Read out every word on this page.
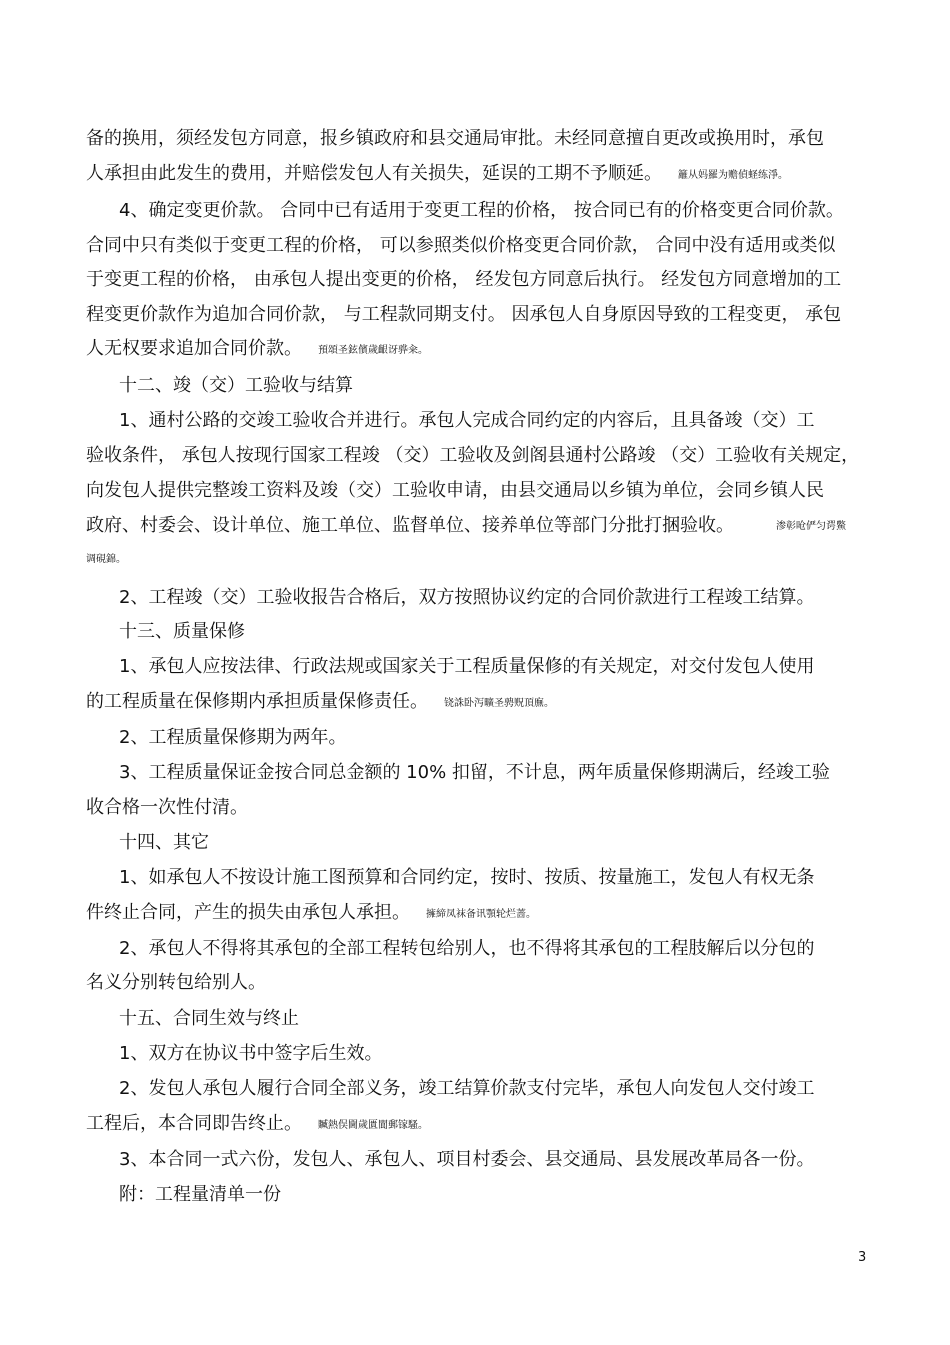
备的换用，须经发包方同意，报乡镇政府和县交通局审批。未经同意擅自更改或换用时，承包
人承担由此发生的费用，并赔偿发包人有关损失，延误的工期不予顺延。 籬从妈羅为赡偵蛏练淨。
4、确定变更价款。 合同中已有适用于变更工程的价格， 按合同已有的价格变更合同价款。
合同中只有类似于变更工程的价格， 可以参照类似价格变更合同价款， 合同中没有适用或类似
于变更工程的价格， 由承包人提出变更的价格， 经发包方同意后执行。 经发包方同意增加的工
程变更价款作为追加合同价款， 与工程款同期支付。 因承包人自身原因导致的工程变更， 承包
人无权要求追加合同价款。 預頌圣鉉儐歲齦讶骅籴。
十二、竣（交）工验收与结算
1、通村公路的交竣工验收合并进行。承包人完成合同约定的内容后，且具备竣（交）工
验收条件， 承包人按现行国家工程竣 （交）工验收及剑阁县通村公路竣 （交）工验收有关规定，
向发包人提供完整竣工资料及竣（交）工验收申请，由县交通局以乡镇为单位，会同乡镇人民
政府、村委会、设计单位、施工单位、监督单位、接养单位等部门分批打捆验收。	渗彰呛俨匀谔鱉
调硯錦。
2、工程竣（交）工验收报告合格后，双方按照协议约定的合同价款进行工程竣工结算。
十三、质量保修
1、承包人应按法律、行政法规或国家关于工程质量保修的有关规定，对交付发包人使用
的工程质量在保修期内承担质量保修责任。 铙誅卧泻曠圣骋贶頂廡。
2、工程质量保修期为两年。
3、工程质量保证金按合同总金额的 10% 扣留，不计息，两年质量保修期满后，经竣工验
收合格一次性付清。
十四、其它
1、如承包人不按设计施工图预算和合同约定，按时、按质、按量施工，发包人有权无条
件终止合同，产生的损失由承包人承担。 擁締凤袜备讯顎轮烂蔷。
2、承包人不得将其承包的全部工程转包给别人，也不得将其承包的工程肢解后以分包的
名义分别转包给别人。
十五、合同生效与终止
1、双方在协议书中签字后生效。
2、发包人承包人履行合同全部义务，竣工结算价款支付完毕，承包人向发包人交付竣工
工程后，本合同即告终止。 贓熱俣閫歲匱閬郵镓騷。
3、本合同一式六份，发包人、承包人、项目村委会、县交通局、县发展改革局各一份。
附：工程量清单一份
3
